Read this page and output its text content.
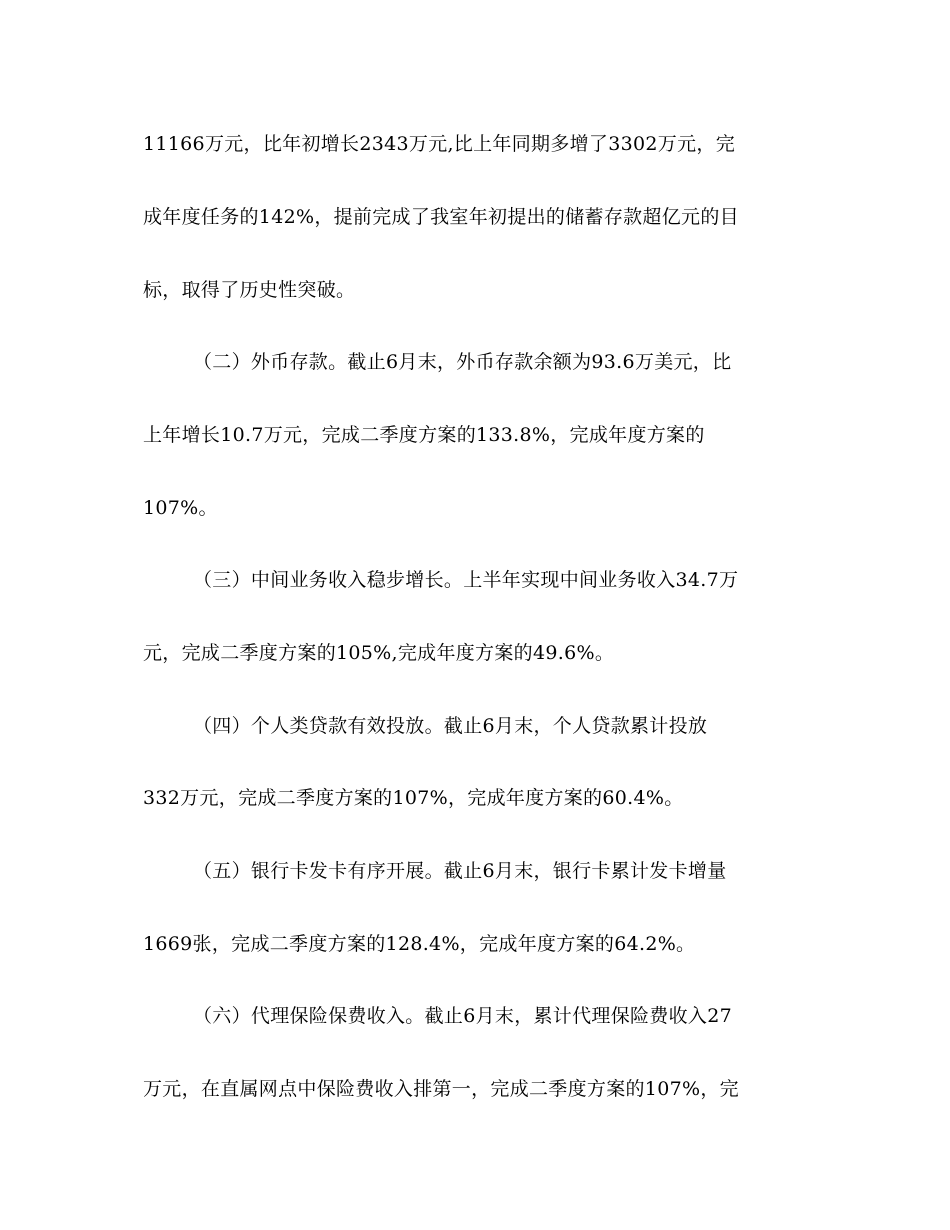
11166万元，比年初增长2343万元,比上年同期多增了3302万元，完
成年度任务的142%，提前完成了我室年初提出的储蓄存款超亿元的目
标，取得了历史性突破。
（二）外币存款。截止6月末，外币存款余额为93.6万美元，比
上年增长10.7万元，完成二季度方案的133.8%，完成年度方案的
107%。
（三）中间业务收入稳步增长。上半年实现中间业务收入34.7万
元，完成二季度方案的105%,完成年度方案的49.6%。
（四）个人类贷款有效投放。截止6月末，个人贷款累计投放
332万元，完成二季度方案的107%，完成年度方案的60.4%。
（五）银行卡发卡有序开展。截止6月末，银行卡累计发卡增量
1669张，完成二季度方案的128.4%，完成年度方案的64.2%。
（六）代理保险保费收入。截止6月末，累计代理保险费收入27
万元，在直属网点中保险费收入排第一，完成二季度方案的107%，完
